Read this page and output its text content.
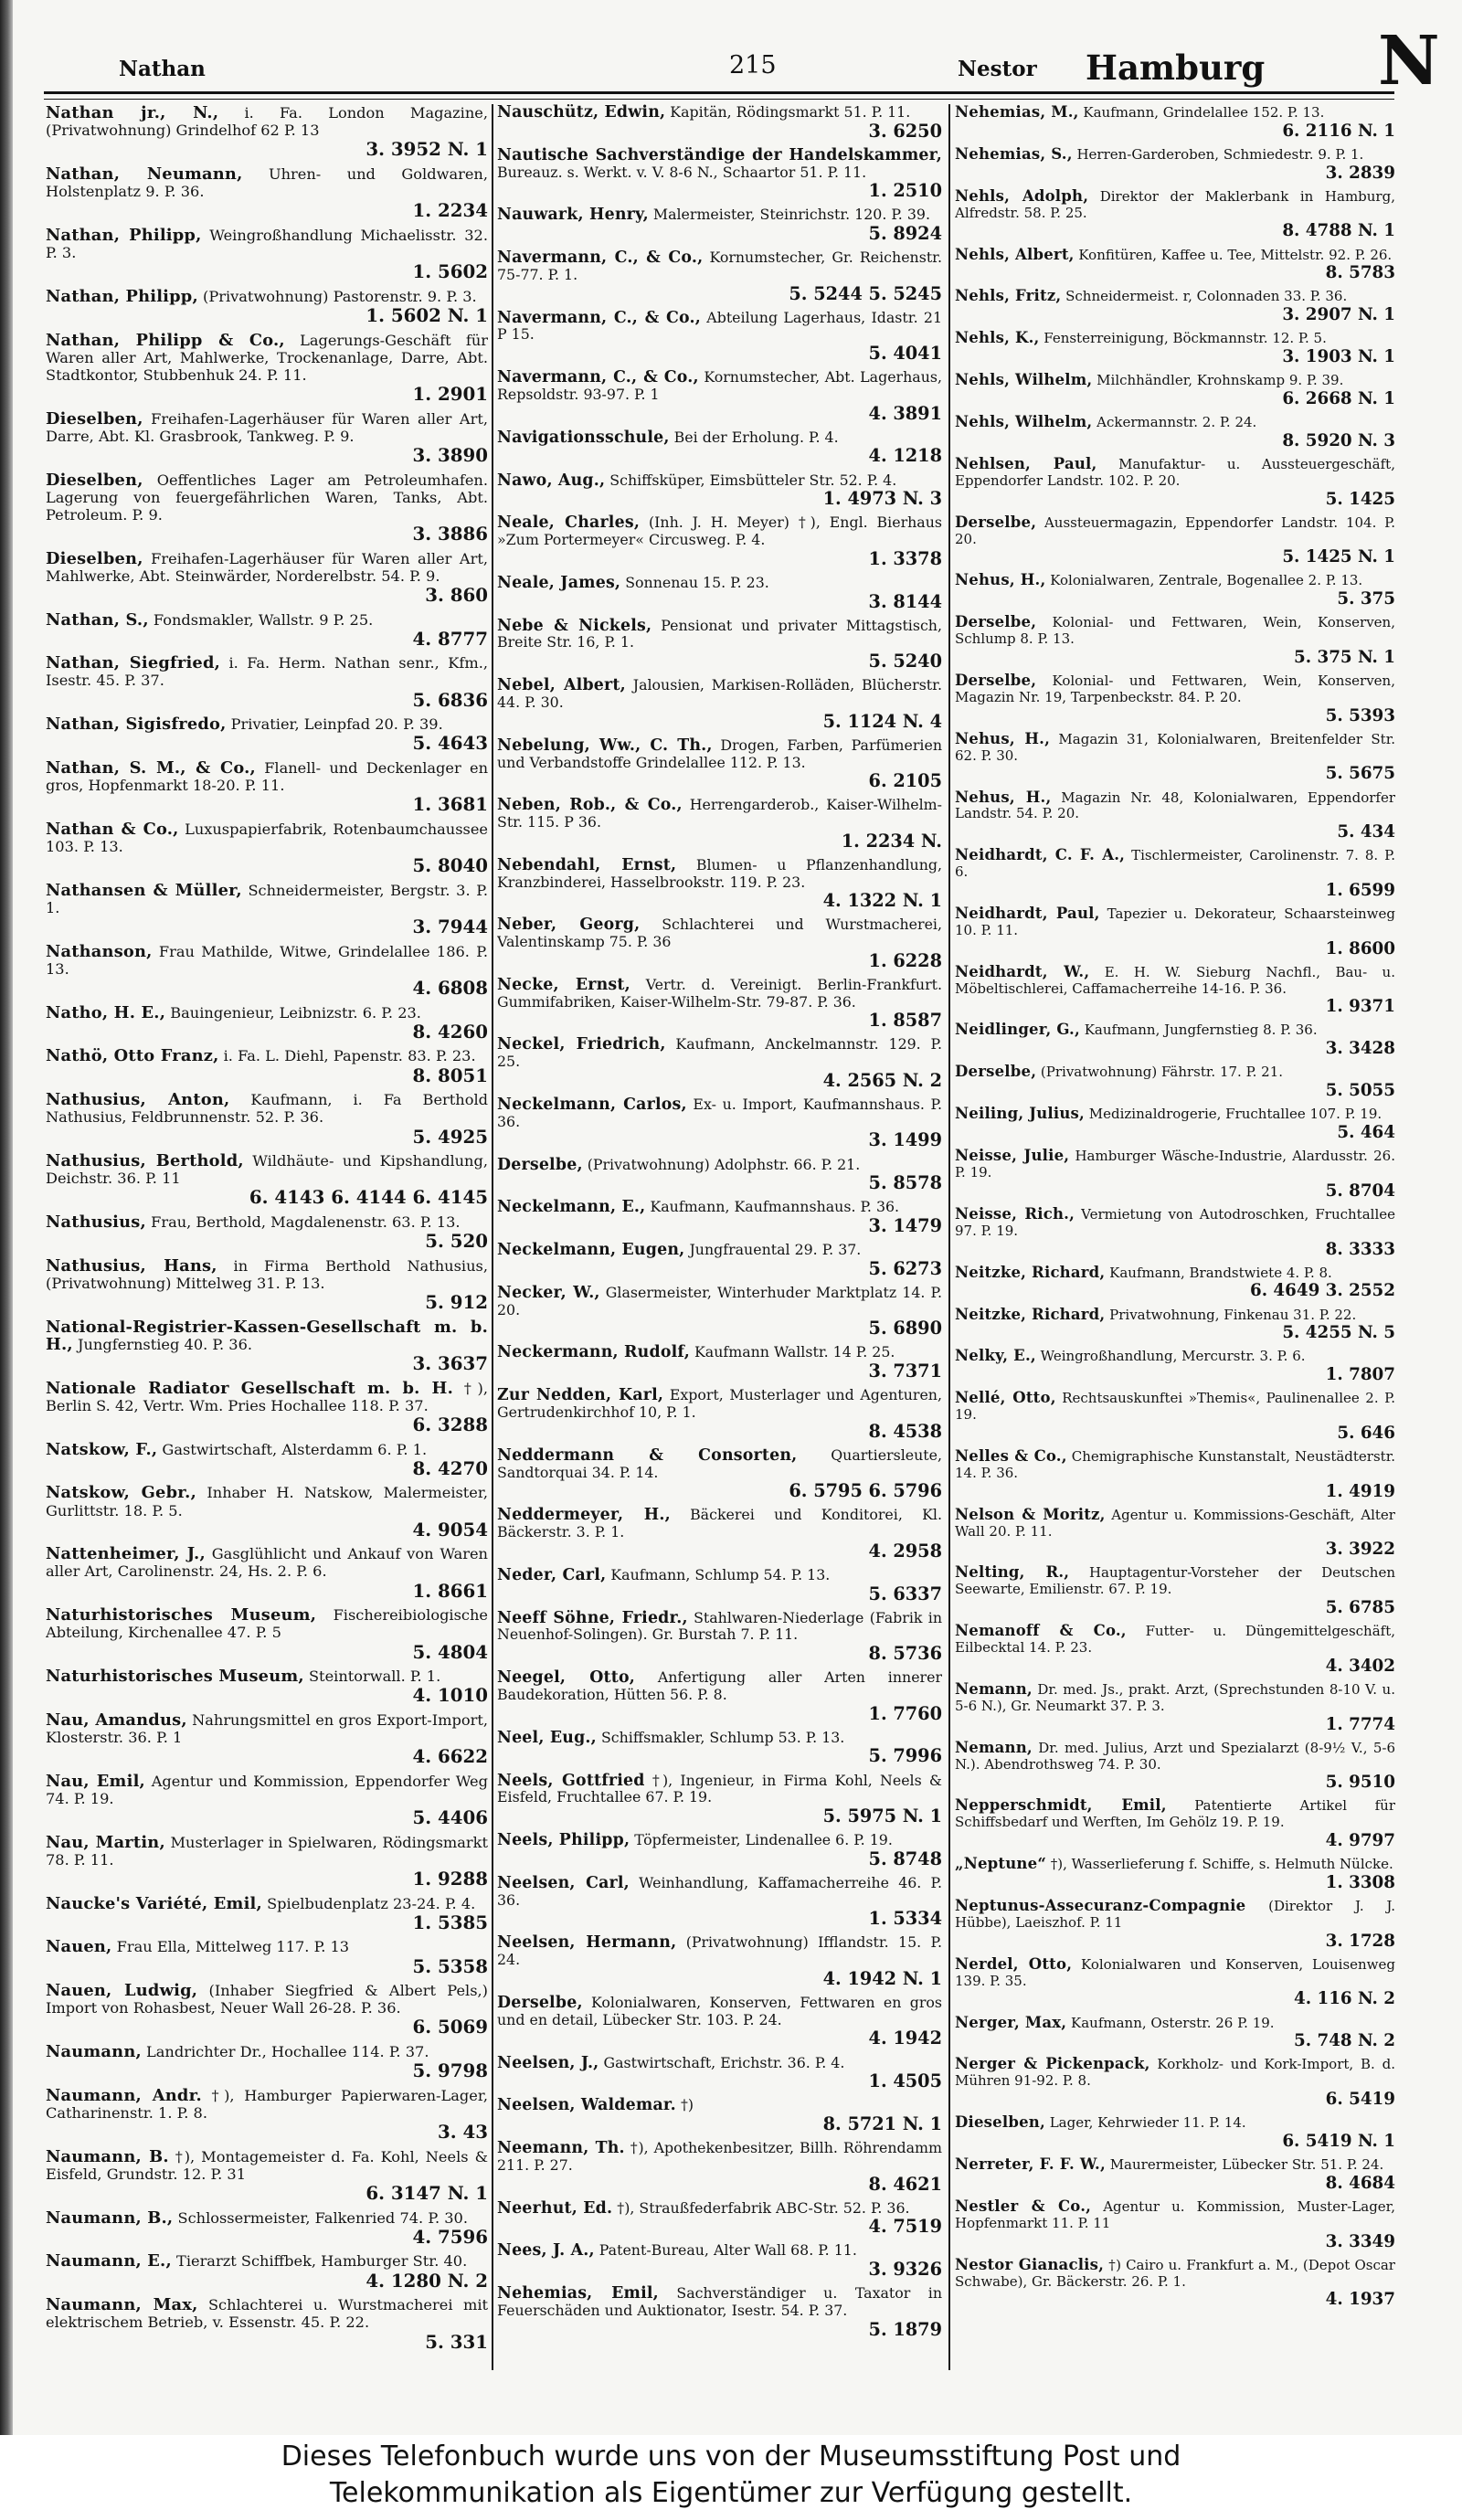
Nathan	215	Nestor Hamburg N
Nathan jr., N., i. Fa. London Magazine, (Privatwohnung) Grindelhof 62 P. 13
3. 3952 N. 1
Nathan, Neumann, Uhren- und Goldwaren, Holstenplatz 9. P. 36.
1. 2234
Nathan, Philipp, Weingroßhandlung Michaelisstr. 32. P. 3.
1. 5602
Nathan, Philipp, (Privatwohnung) Pastorenstr. 9. P. 3.
1. 5602 N. 1
Nathan, Philipp & Co., Lagerungs-Geschäft für Waren aller Art, Mahlwerke, Trockenanlage, Darre, Abt. Stadtkontor, Stubbenhuk 24. P. 11.
1. 2901
Dieselben, Freihafen-Lagerhäuser für Waren aller Art, Darre, Abt. Kl. Grasbrook, Tankweg. P. 9.
3. 3890
Dieselben, Oeffentliches Lager am Petroleumhafen. Lagerung von feuergefährlichen Waren, Tanks, Abt. Petroleum. P. 9.
3. 3886
Dieselben, Freihafen-Lagerhäuser für Waren aller Art, Mahlwerke, Abt. Steinwärder, Norderelbstr. 54. P. 9.
3. 860
Nathan, S., Fondsmakler, Wallstr. 9 P. 25.
4. 8777
Nathan, Siegfried, i. Fa. Herm. Nathan senr., Kfm., Isestr. 45. P. 37.
5. 6836
Nathan, Sigisfredo, Privatier, Leinpfad 20. P. 39.
5. 4643
Nathan, S. M., & Co., Flanell- und Deckenlager en gros, Hopfenmarkt 18-20. P. 11.
1. 3681
Nathan & Co., Luxuspapierfabrik, Rotenbaumchaussee 103. P. 13.
5. 8040
Nathansen & Müller, Schneidermeister, Bergstr. 3. P. 1.
3. 7944
Nathanson, Frau Mathilde, Witwe, Grindelallee 186. P. 13.
4. 6808
Natho, H. E., Bauingenieur, Leibnizstr. 6. P. 23.
8. 4260
Nathö, Otto Franz, i. Fa. L. Diehl, Papenstr. 83. P. 23.
8. 8051
Nathusius, Anton, Kaufmann, i. Fa Berthold Nathusius, Feldbrunnenstr. 52. P. 36.
5. 4925
Nathusius, Berthold, Wildhäute- und Kipshandlung, Deichstr. 36. P. 11
6. 4143 6. 4144 6. 4145
Nathusius, Frau, Berthold, Magdalenenstr. 63. P. 13.
5. 520
Nathusius, Hans, in Firma Berthold Nathusius, (Privatwohnung) Mittelweg 31. P. 13.
5. 912
National-Registrier-Kassen-Gesellschaft m. b. H., Jungfernstieg 40. P. 36.
3. 3637
Nationale Radiator Gesellschaft m. b. H. †), Berlin S. 42, Vertr. Wm. Pries Hochallee 118. P. 37.
6. 3288
Natskow, F., Gastwirtschaft, Alsterdamm 6. P. 1.
8. 4270
Natskow, Gebr., Inhaber H. Natskow, Malermeister, Gurlittstr. 18. P. 5.
4. 9054
Nattenheimer, J., Gasglühlicht und Ankauf von Waren aller Art, Carolinenstr. 24, Hs. 2. P. 6.
1. 8661
Naturhistorisches Museum, Fischereibiologische Abteilung, Kirchenallee 47. P. 5
5. 4804
Naturhistorisches Museum, Steintorwall. P. 1.
4. 1010
Nau, Amandus, Nahrungsmittel en gros Export-Import, Klosterstr. 36. P. 1
4. 6622
Nau, Emil, Agentur und Kommission, Eppendorfer Weg 74. P. 19.
5. 4406
Nau, Martin, Musterlager in Spielwaren, Rödingsmarkt 78. P. 11.
1. 9288
Naucke's Variété, Emil, Spielbudenplatz 23-24. P. 4.
1. 5385
Nauen, Frau Ella, Mittelweg 117. P. 13
5. 5358
Nauen, Ludwig, (Inhaber Siegfried & Albert Pels,) Import von Rohasbest, Neuer Wall 26-28. P. 36.
6. 5069
Naumann, Landrichter Dr., Hochallee 114. P. 37.
5. 9798
Naumann, Andr. †), Hamburger Papierwaren-Lager, Catharinenstr. 1. P. 8.
3. 43
Naumann, B. †), Montagemeister d. Fa. Kohl, Neels & Eisfeld, Grundstr. 12. P. 31
6. 3147 N. 1
Naumann, B., Schlossermeister, Falkenried 74. P. 30.
4. 7596
Naumann, E., Tierarzt Schiffbek, Hamburger Str. 40.
4. 1280 N. 2
Naumann, Max, Schlachterei u. Wurstmacherei mit elektrischem Betrieb, v. Essenstr. 45. P. 22.
5. 331
Nauschütz, Edwin, Kapitän, Rödingsmarkt 51. P. 11.
3. 6250
Nautische Sachverständige der Handelskammer, Bureauz. s. Werkt. v. V. 8-6 N., Schaartor 51. P. 11.
1. 2510
Nauwark, Henry, Malermeister, Steinrichstr. 120. P. 39.
5. 8924
Navermann, C., & Co., Kornumstecher, Gr. Reichenstr. 75-77. P. 1.
5. 5244 5. 5245
Navermann, C., & Co., Abteilung Lagerhaus, Idastr. 21 P 15.
5. 4041
Navermann, C., & Co., Kornumstecher, Abt. Lagerhaus, Repsoldstr. 93-97. P. 1
4. 3891
Navigationsschule, Bei der Erholung. P. 4.
4. 1218
Nawo, Aug., Schiffsküper, Eimsbütteler Str. 52. P. 4.
1. 4973 N. 3
Neale, Charles, (Inh. J. H. Meyer) †), Engl. Bierhaus »Zum Portermeyer« Circusweg. P. 4.
1. 3378
Neale, James, Sonnenau 15. P. 23.
3. 8144
Nebe & Nickels, Pensionat und privater Mittagstisch, Breite Str. 16, P. 1.
5. 5240
Nebel, Albert, Jalousien, Markisen-Rolläden, Blücherstr. 44. P. 30.
5. 1124 N. 4
Nebelung, Ww., C. Th., Drogen, Farben, Parfümerien und Verbandstoffe Grindelallee 112. P. 13.
6. 2105
Neben, Rob., & Co., Herrengarderob., Kaiser-Wilhelm-Str. 115. P 36.
1. 2234 N.
Nebendahl, Ernst, Blumen- u Pflanzenhandlung, Kranzbinderei, Hasselbrookstr. 119. P. 23.
4. 1322 N. 1
Neber, Georg, Schlachterei und Wurstmacherei, Valentinskamp 75. P. 36
1. 6228
Necke, Ernst, Vertr. d. Vereinigt. Berlin-Frankfurt. Gummifabriken, Kaiser-Wilhelm-Str. 79-87. P. 36.
1. 8587
Neckel, Friedrich, Kaufmann, Anckelmannstr. 129. P. 25.
4. 2565 N. 2
Neckelmann, Carlos, Ex- u. Import, Kaufmannshaus. P. 36.
3. 1499
Derselbe, (Privatwohnung) Adolphstr. 66. P. 21.
5. 8578
Neckelmann, E., Kaufmann, Kaufmannshaus. P. 36.
3. 1479
Neckelmann, Eugen, Jungfrauental 29. P. 37.
5. 6273
Necker, W., Glasermeister, Winterhuder Marktplatz 14. P. 20.
5. 6890
Neckermann, Rudolf, Kaufmann Wallstr. 14 P. 25.
3. 7371
Zur Nedden, Karl, Export, Musterlager und Agenturen, Gertrudenkirchhof 10, P. 1.
8. 4538
Neddermann & Consorten, Quartiersleute, Sandtorquai 34. P. 14.
6. 5795 6. 5796
Neddermeyer, H., Bäckerei und Konditorei, Kl. Bäckerstr. 3. P. 1.
4. 2958
Neder, Carl, Kaufmann, Schlump 54. P. 13.
5. 6337
Neeff Söhne, Friedr., Stahlwaren-Niederlage (Fabrik in Neuenhof-Solingen). Gr. Burstah 7. P. 11.
8. 5736
Neegel, Otto, Anfertigung aller Arten innerer Baudekoration, Hütten 56. P. 8.
1. 7760
Neel, Eug., Schiffsmakler, Schlump 53. P. 13.
5. 7996
Neels, Gottfried †), Ingenieur, in Firma Kohl, Neels & Eisfeld, Fruchtallee 67. P. 19.
5. 5975 N. 1
Neels, Philipp, Töpfermeister, Lindenallee 6. P. 19.
5. 8748
Neelsen, Carl, Weinhandlung, Kaffamacherreihe 46. P. 36.
1. 5334
Neelsen, Hermann, (Privatwohnung) Ifflandstr. 15. P. 24.
4. 1942 N. 1
Derselbe, Kolonialwaren, Konserven, Fettwaren en gros und en detail, Lübecker Str. 103. P. 24.
4. 1942
Neelsen, J., Gastwirtschaft, Erichstr. 36. P. 4.
1. 4505
Neelsen, Waldemar. †)
8. 5721 N. 1
Neemann, Th. †), Apothekenbesitzer, Billh. Röhrendamm 211. P. 27.
8. 4621
Neerhut, Ed. †), Straußfederfabrik ABC-Str. 52. P. 36.
4. 7519
Nees, J. A., Patent-Bureau, Alter Wall 68. P. 11.
3. 9326
Nehemias, Emil, Sachverständiger u. Taxator in Feuerschäden und Auktionator, Isestr. 54. P. 37.
5. 1879
Nehemias, M., Kaufmann, Grindelallee 152. P. 13.
6. 2116 N. 1
Nehemias, S., Herren-Garderoben, Schmiedestr. 9. P. 1.
3. 2839
Nehls, Adolph, Direktor der Maklerbank in Hamburg, Alfredstr. 58. P. 25.
8. 4788 N. 1
Nehls, Albert, Konfitüren, Kaffee u. Tee, Mittelstr. 92. P. 26.
8. 5783
Nehls, Fritz, Schneidermeist. r, Colonnaden 33. P. 36.
3. 2907 N. 1
Nehls, K., Fensterreinigung, Böckmannstr. 12. P. 5.
3. 1903 N. 1
Nehls, Wilhelm, Milchhändler, Krohnskamp 9. P. 39.
6. 2668 N. 1
Nehls, Wilhelm, Ackermannstr. 2. P. 24.
8. 5920 N. 3
Nehlsen, Paul, Manufaktur- u. Aussteuergeschäft, Eppendorfer Landstr. 102. P. 20.
5. 1425
Derselbe, Aussteuermagazin, Eppendorfer Landstr. 104. P. 20.
5. 1425 N. 1
Nehus, H., Kolonialwaren, Zentrale, Bogenallee 2. P. 13.
5. 375
Derselbe, Kolonial- und Fettwaren, Wein, Konserven, Schlump 8. P. 13.
5. 375 N. 1
Derselbe, Kolonial- und Fettwaren, Wein, Konserven, Magazin Nr. 19, Tarpenbeckstr. 84. P. 20.
5. 5393
Nehus, H., Magazin 31, Kolonialwaren, Breitenfelder Str. 62. P. 30.
5. 5675
Nehus, H., Magazin Nr. 48, Kolonialwaren, Eppendorfer Landstr. 54. P. 20.
5. 434
Neidhardt, C. F. A., Tischlermeister, Carolinenstr. 7. 8. P. 6.
1. 6599
Neidhardt, Paul, Tapezier u. Dekorateur, Schaarsteinweg 10. P. 11.
1. 8600
Neidhardt, W., E. H. W. Sieburg Nachfl., Bau- u. Möbeltischlerei, Caffamacherreihe 14-16. P. 36.
1. 9371
Neidlinger, G., Kaufmann, Jungfernstieg 8. P. 36.
3. 3428
Derselbe, (Privatwohnung) Fährstr. 17. P. 21.
5. 5055
Neiling, Julius, Medizinaldrogerie, Fruchtallee 107. P. 19.
5. 464
Neisse, Julie, Hamburger Wäsche-Industrie, Alardusstr. 26. P. 19.
5. 8704
Neisse, Rich., Vermietung von Autodroschken, Fruchtallee 97. P. 19.
8. 3333
Neitzke, Richard, Kaufmann, Brandstwiete 4. P. 8.
6. 4649 3. 2552
Neitzke, Richard, Privatwohnung, Finkenau 31. P. 22.
5. 4255 N. 5
Nelky, E., Weingroßhandlung, Mercurstr. 3. P. 6.
1. 7807
Nellé, Otto, Rechtsauskunftei »Themis«, Paulinenallee 2. P. 19.
5. 646
Nelles & Co., Chemigraphische Kunstanstalt, Neustädterstr. 14. P. 36.
1. 4919
Nelson & Moritz, Agentur u. Kommissions-Geschäft, Alter Wall 20. P. 11.
3. 3922
Nelting, R., Hauptagentur-Vorsteher der Deutschen Seewarte, Emilienstr. 67. P. 19.
5. 6785
Nemanoff & Co., Futter- u. Düngemittelgeschäft, Eilbecktal 14. P. 23.
4. 3402
Nemann, Dr. med. Js., prakt. Arzt, (Sprechstunden 8-10 V. u. 5-6 N.), Gr. Neumarkt 37. P. 3.
1. 7774
Nemann, Dr. med. Julius, Arzt und Spezialarzt (8-9½ V., 5-6 N.). Abendrothsweg 74. P. 30.
5. 9510
Nepperschmidt, Emil, Patentierte Artikel für Schiffsbedarf und Werften, Im Gehölz 19. P. 19.
4. 9797
„Neptune“ †), Wasserlieferung f. Schiffe, s. Helmuth Nülcke.
1. 3308
Neptunus-Assecuranz-Compagnie (Direktor J. J. Hübbe), Laeiszhof. P. 11
3. 1728
Nerdel, Otto, Kolonialwaren und Konserven, Louisenweg 139. P. 35.
4. 116 N. 2
Nerger, Max, Kaufmann, Osterstr. 26 P. 19.
5. 748 N. 2
Nerger & Pickenpack, Korkholz- und Kork-Import, B. d. Mühren 91-92. P. 8.
6. 5419
Dieselben, Lager, Kehrwieder 11. P. 14.
6. 5419 N. 1
Nerreter, F. F. W., Maurermeister, Lübecker Str. 51. P. 24.
8. 4684
Nestler & Co., Agentur u. Kommission, Muster-Lager, Hopfenmarkt 11. P. 11
3. 3349
Nestor Gianaclis, †) Cairo u. Frankfurt a. M., (Depot Oscar Schwabe), Gr. Bäckerstr. 26. P. 1.
4. 1937
Dieses Telefonbuch wurde uns von der Museumsstiftung Post und
Telekommunikation als Eigentümer zur Verfügung gestellt.
